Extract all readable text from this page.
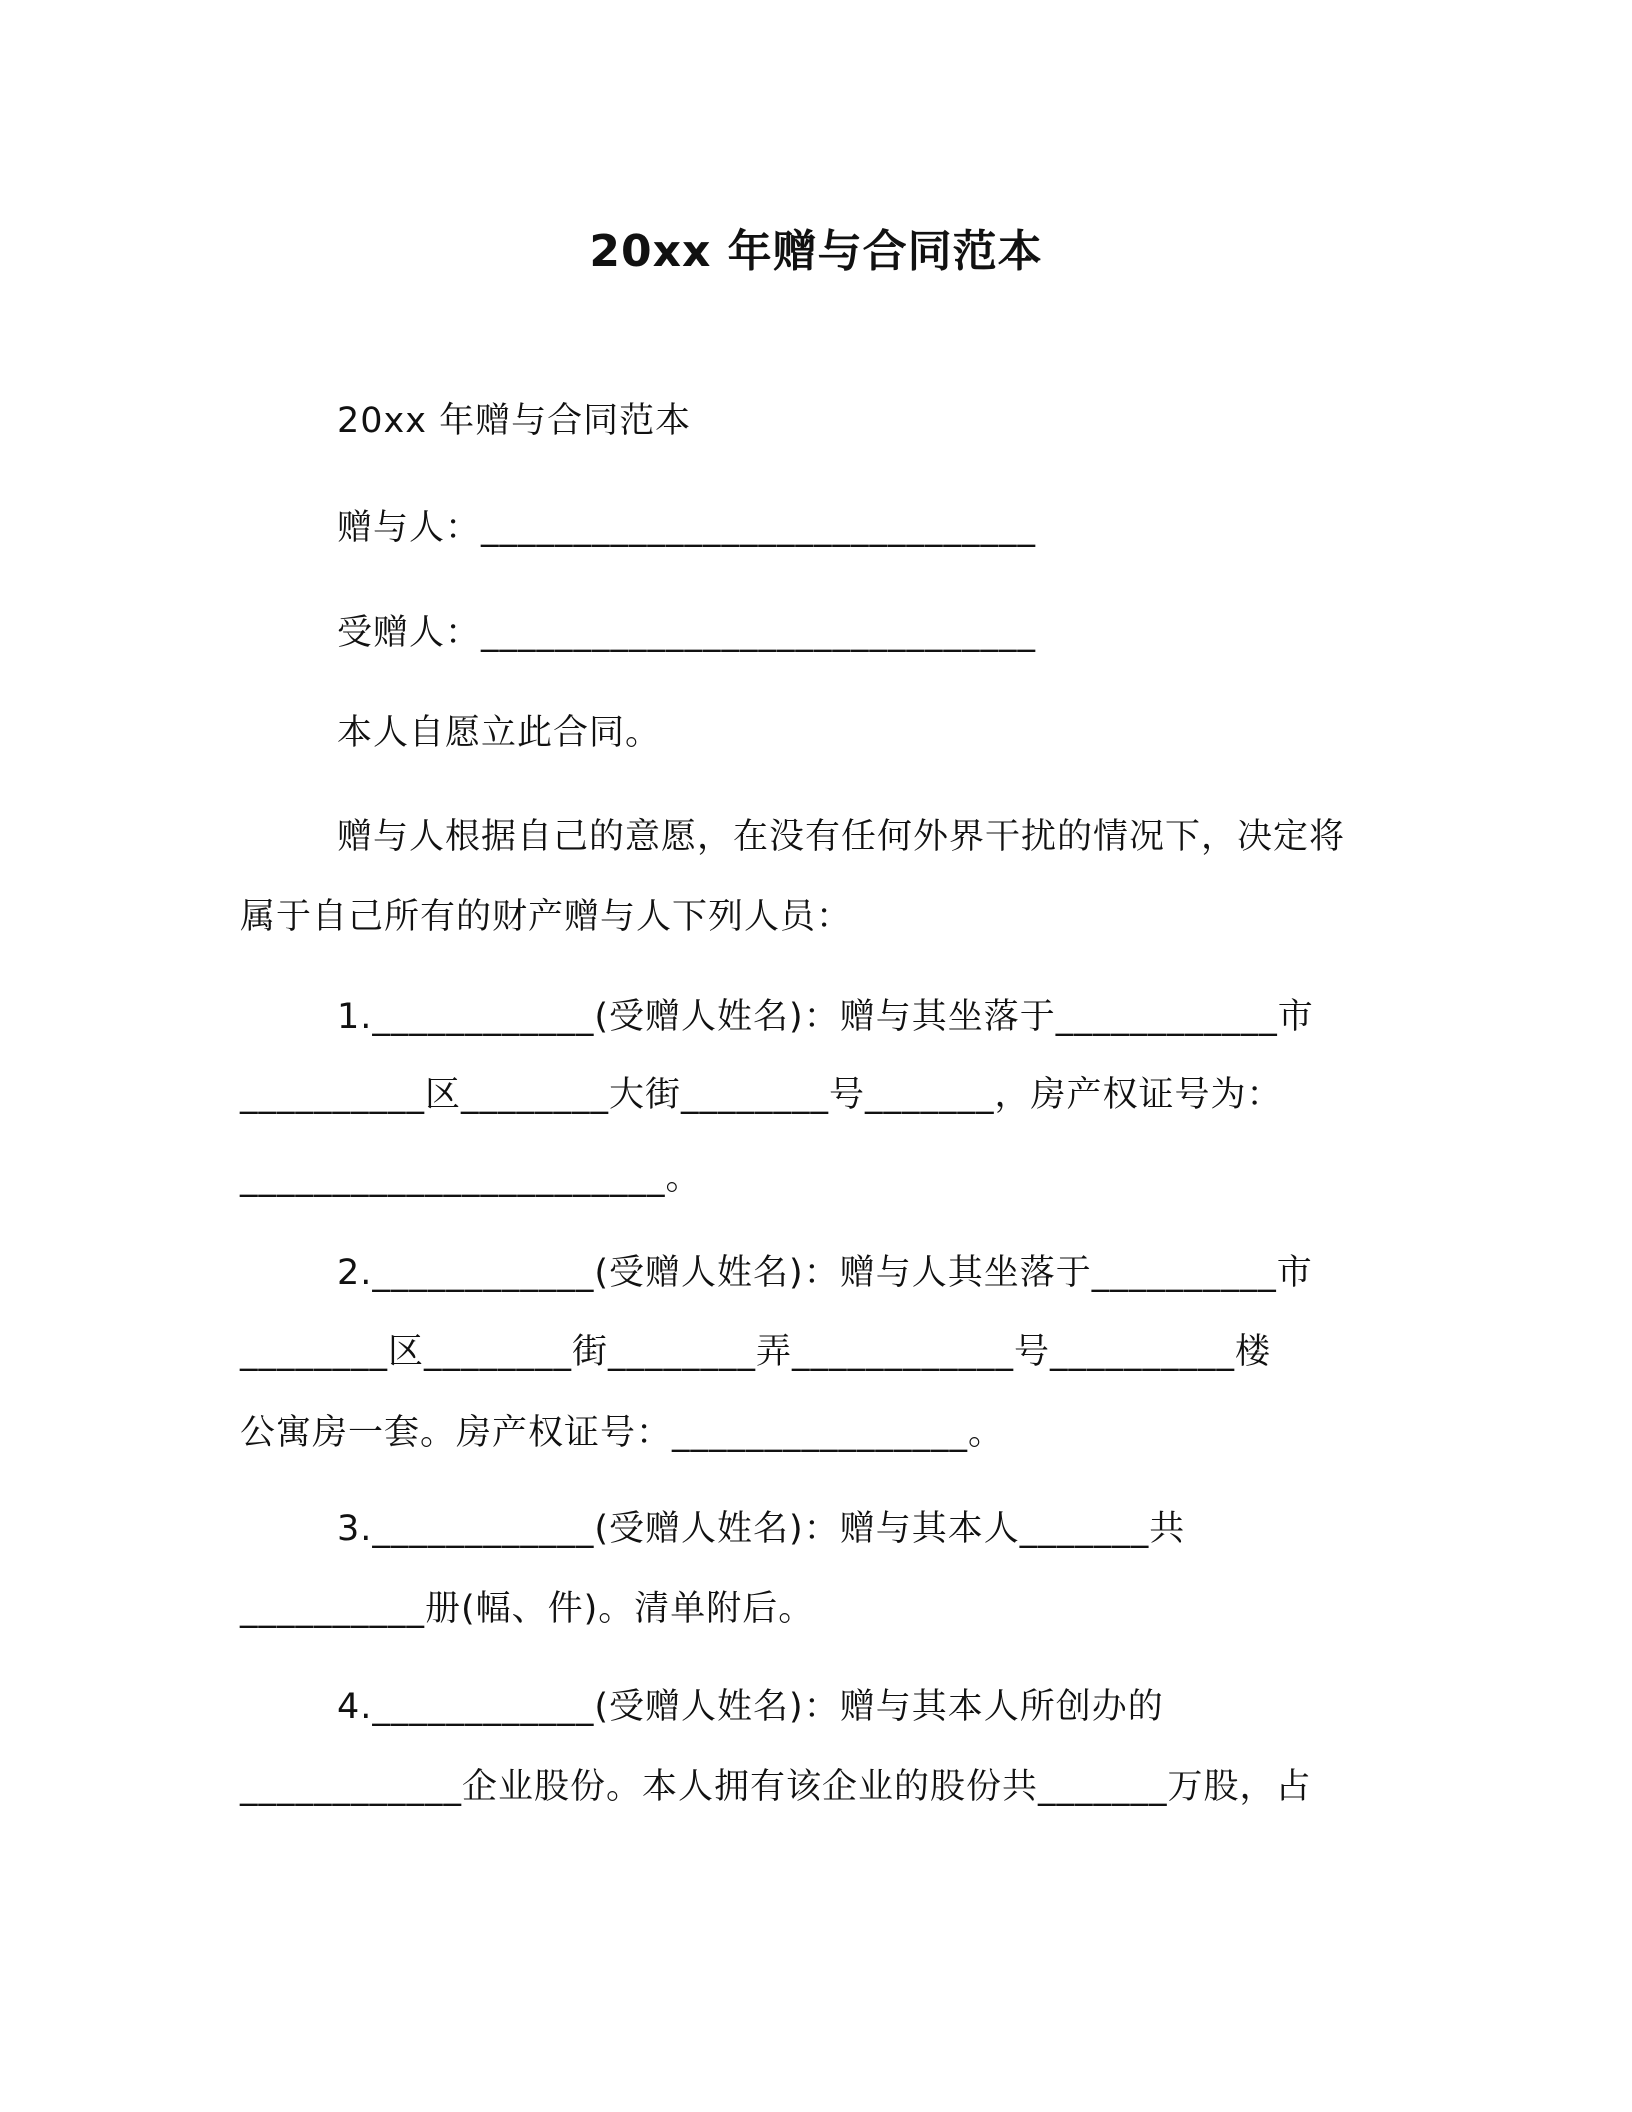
20xx 年赠与合同范本
20xx 年赠与合同范本
赠与人：______________________________
受赠人：______________________________
本人自愿立此合同。
赠与人根据自己的意愿，在没有任何外界干扰的情况下，决定将
属于自己所有的财产赠与人下列人员：
1.____________(受赠人姓名)：赠与其坐落于____________市
__________区________大街________号_______，房产权证号为：
_______________________。
2.____________(受赠人姓名)：赠与人其坐落于__________市
________区________街________弄____________号__________楼
公寓房一套。房产权证号：________________。
3.____________(受赠人姓名)：赠与其本人_______共
__________册(幅、件)。清单附后。
4.____________(受赠人姓名)：赠与其本人所创办的
____________企业股份。本人拥有该企业的股份共_______万股，占
